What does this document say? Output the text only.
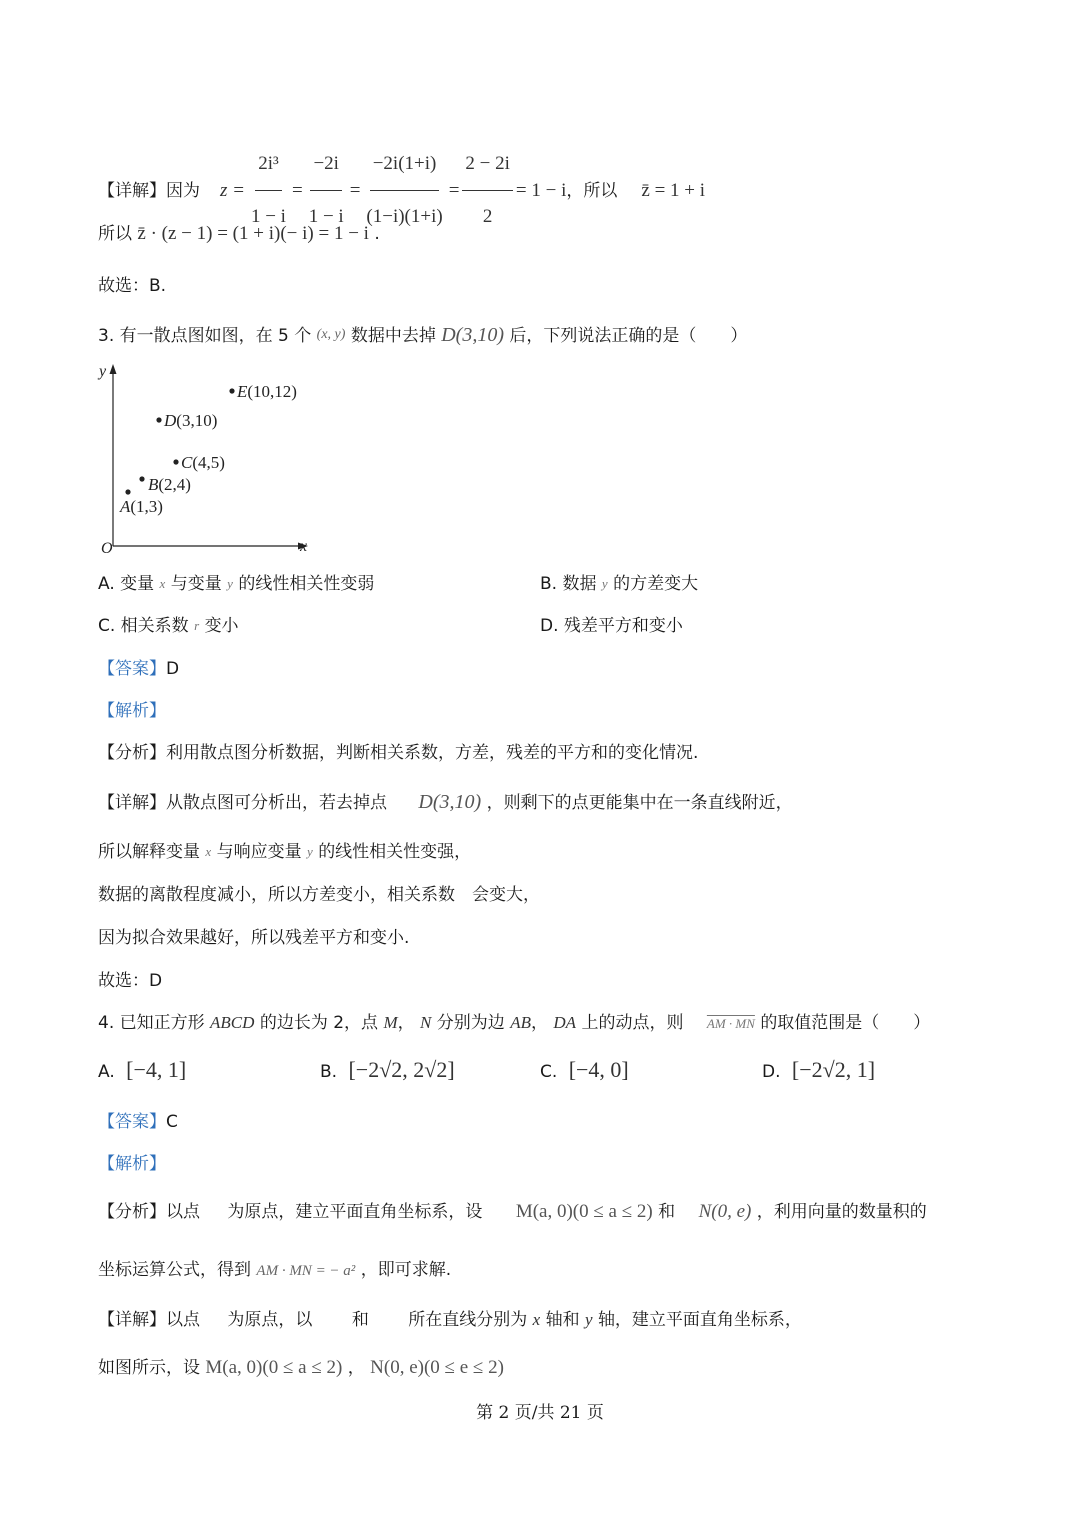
【详解】因为 $z = \frac{\text{2i³}}{1 - i} = \frac{-2i}{1 - i} = \frac{-2i(1+i)}{(1-i)(1+i)} = \frac{2 - 2i}{2} = 1 - i$ ，所以 z̄ = 1 + i
所以 z̄ · (z − 1) = (1 + i)(− i) = 1 − i .
故选：B.
3. 有一散点图如图，在 5 个 $^{(x, y)}$ 数据中去掉 D(3,10) 后，下列说法正确的是（　　）
y
x
O
A(1,3)
B(2,4)
C(4,5)
D(3,10)
E(10,12)
A. 变量 $^x$ 与变量 $^y$ 的线性相关性变弱	B. 数据 $^y$ 的方差变大
C. 相关系数 $^r$ 变小	D. 残差平方和变小
【答案】D
【解析】
【分析】利用散点图分析数据，判断相关系数，方差，残差的平方和的变化情况.
【详解】从散点图可分析出，若去掉点 D(3,10) ，则剩下的点更能集中在一条直线附近，
所以解释变量 $^x$ 与响应变量 $^y$ 的线性相关性变强，
数据的离散程度减小，所以方差变小，相关系数　会变大，
因为拟合效果越好，所以残差平方和变小.
故选：D
4. 已知正方形 ABCD 的边长为 2，点 M， N 分别为边 AB， DA 上的动点，则 AM · MN 的取值范围是（　　）
A. [−4, 1]	B. [−2√2, 2√2]	C. [−4, 0]	D. [−2√2, 1]
【答案】C
【解析】
【分析】以点 为原点，建立平面直角坐标系，设 M(a, 0)(0 ≤ a ≤ 2) 和 N(0, e) ，利用向量的数量积的
坐标运算公式，得到 AM · MN = − a² ，即可求解.
【详解】以点 为原点，以 和 所在直线分别为 x 轴和 y 轴，建立平面直角坐标系，
如图所示，设 M(a, 0)(0 ≤ a ≤ 2) ， N(0, e)(0 ≤ e ≤ 2)
第 2 页/共 21 页
